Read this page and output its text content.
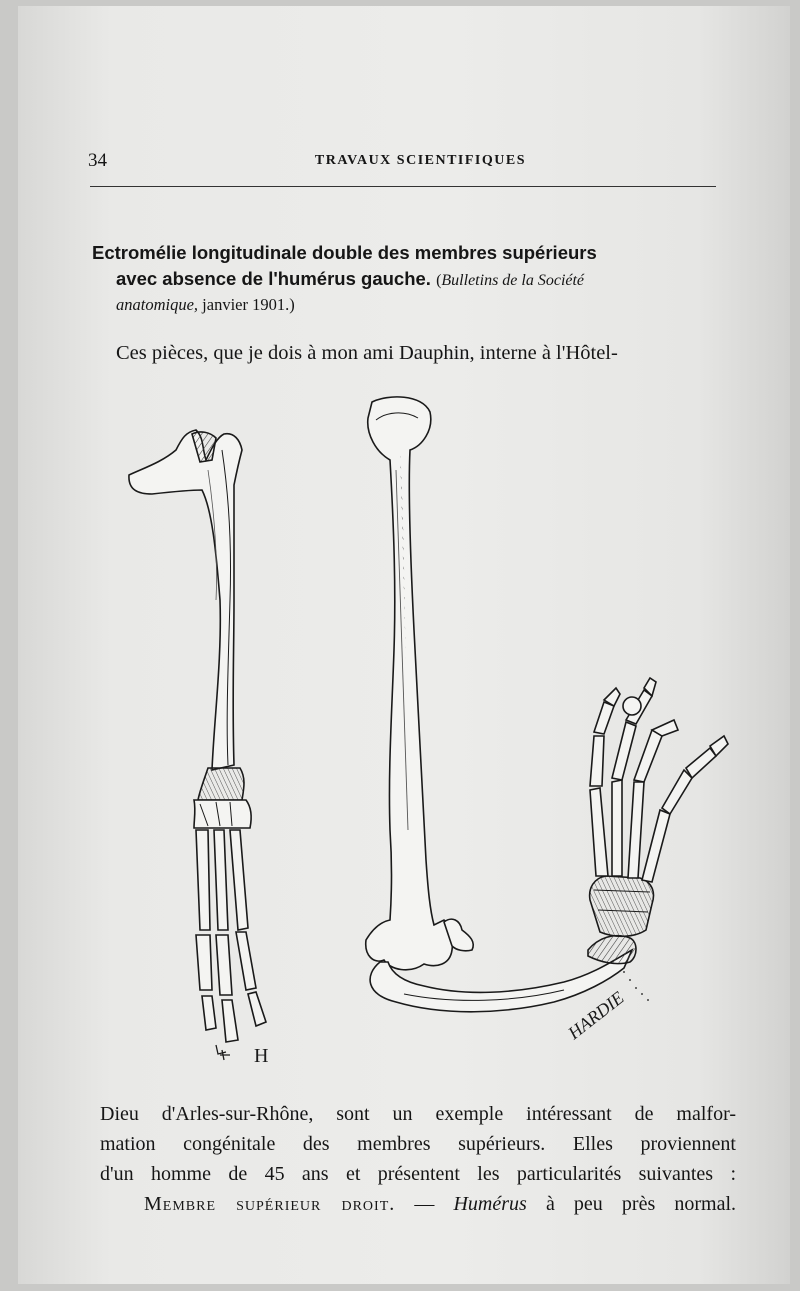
34	TRAVAUX SCIENTIFIQUES
Ectromélie longitudinale double des membres supérieurs
avec absence de l'humérus gauche. (Bulletins de la Société
anatomique, janvier 1901.)
Ces pièces, que je dois à mon ami Dauphin, interne à l'Hôtel-
HARDIE
H
Dieu d'Arles-sur-Rhône, sont un exemple intéressant de malfor-
mation congénitale des membres supérieurs. Elles proviennent
d'un homme de 45 ans et présentent les particularités suivantes :
Membre supérieur droit. — Humérus à peu près normal.
